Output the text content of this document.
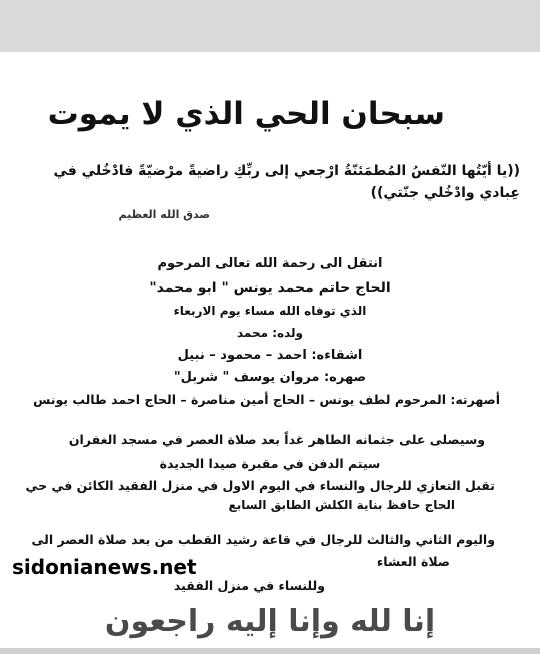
سبحان الحي الذي لا يموت
((يا أيّتُها النّفسُ المُطمَئنّةُ ارْجعي إلى ربِّكِ راضيةً مرْضيّةً فادْخُلي في عِبادي وادْخُلي جنّتي))
صدق الله العظيم
انتقل الى رحمة الله تعالى المرحوم
الحاج حاتم محمد يونس " ابو محمد"
الذي توفاه الله مساء يوم الاربعاء
ولده: محمد
اشقاءه: احمد – محمود – نبيل
صهره: مروان يوسف " شربل"
أصهرته: المرحوم لطف يونس – الحاج أمين مناصرة – الحاج احمد طالب يونس
وسيصلى على جثمانه الطاهر غداً بعد صلاة العصر في مسجد الغفران
سيتم الدفن في مقبرة صيدا الجديدة
تقبل التعازي للرجال والنساء في اليوم الاول في منزل الفقيد الكائن في حي
الحاج حافظ بناية الكلش الطابق السابع
واليوم الثاني والثالث للرجال في قاعة رشيد القطب من بعد صلاة العصر الى
صلاة العشاء
وللنساء في منزل الفقيد
sidonianews.net
إنا لله وإنا إليه راجعون
